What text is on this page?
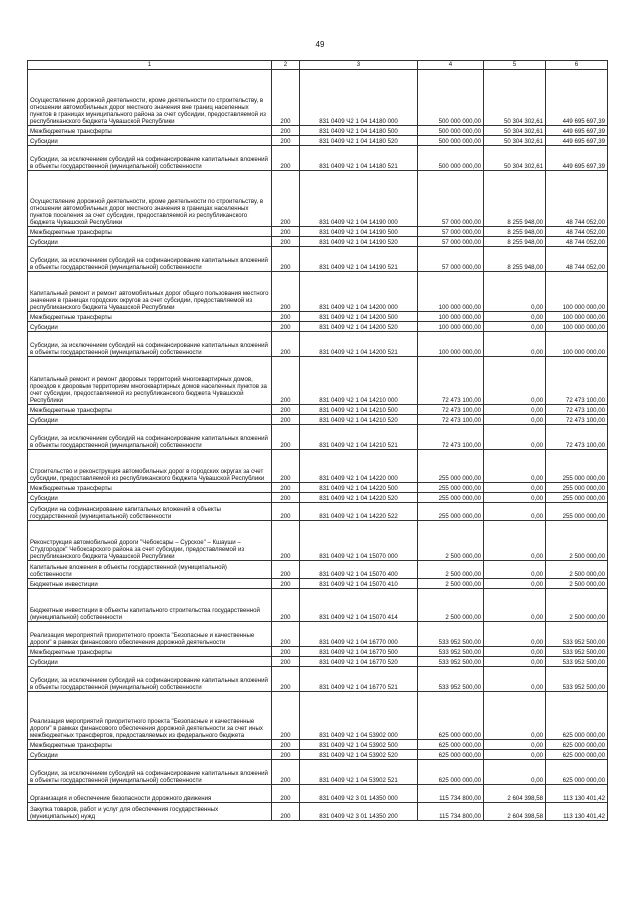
49
1	2	3	4	5	6
Осуществление дорожной деятельности, кроме деятельности по строительству, в отношении автомобильных дорог местного значения вне границ населенных пунктов в границах муниципального района за счет субсидии, предоставляемой из республиканского бюджета Чувашской Республики	200	831 0409 Ч2 1 04 14180 000	500 000 000,00	50 304 302,61	449 695 697,39
Межбюджетные трансферты	200	831 0409 Ч2 1 04 14180 500	500 000 000,00	50 304 302,61	449 695 697,39
Субсидии	200	831 0409 Ч2 1 04 14180 520	500 000 000,00	50 304 302,61	449 695 697,39
Субсидии, за исключением субсидий на софинансирование капитальных вложений в объекты государственной (муниципальной) собственности	200	831 0409 Ч2 1 04 14180 521	500 000 000,00	50 304 302,61	449 695 697,39
Осуществление дорожной деятельности, кроме деятельности по строительству, в отношении автомобильных дорог местного значения в границах населенных пунктов поселения за счет субсидии, предоставляемой из республиканского бюджета Чувашской Республики	200	831 0409 Ч2 1 04 14190 000	57 000 000,00	8 255 948,00	48 744 052,00
Межбюджетные трансферты	200	831 0409 Ч2 1 04 14190 500	57 000 000,00	8 255 948,00	48 744 052,00
Субсидии	200	831 0409 Ч2 1 04 14190 520	57 000 000,00	8 255 948,00	48 744 052,00
Субсидии, за исключением субсидий на софинансирование капитальных вложений в объекты государственной (муниципальной) собственности	200	831 0409 Ч2 1 04 14190 521	57 000 000,00	8 255 948,00	48 744 052,00
Капитальный ремонт и ремонт автомобильных дорог общего пользования местного значения в границах городских округов за счет субсидии, предоставляемой из республиканского бюджета Чувашской Республики	200	831 0409 Ч2 1 04 14200 000	100 000 000,00	0,00	100 000 000,00
Межбюджетные трансферты	200	831 0409 Ч2 1 04 14200 500	100 000 000,00	0,00	100 000 000,00
Субсидии	200	831 0409 Ч2 1 04 14200 520	100 000 000,00	0,00	100 000 000,00
Субсидии, за исключением субсидий на софинансирование капитальных вложений в объекты государственной (муниципальной) собственности	200	831 0409 Ч2 1 04 14200 521	100 000 000,00	0,00	100 000 000,00
Капитальный ремонт и ремонт дворовых территорий многоквартирных домов, проездов к дворовым территориям многоквартирных домов населенных пунктов за счет субсидии, предоставляемой из республиканского бюджета Чувашской Республики	200	831 0409 Ч2 1 04 14210 000	72 473 100,00	0,00	72 473 100,00
Межбюджетные трансферты	200	831 0409 Ч2 1 04 14210 500	72 473 100,00	0,00	72 473 100,00
Субсидии	200	831 0409 Ч2 1 04 14210 520	72 473 100,00	0,00	72 473 100,00
Субсидии, за исключением субсидий на софинансирование капитальных вложений в объекты государственной (муниципальной) собственности	200	831 0409 Ч2 1 04 14210 521	72 473 100,00	0,00	72 473 100,00
Строительство и реконструкция автомобильных дорог в городских округах за счет субсидии, предоставляемой из республиканского бюджета Чувашской Республики	200	831 0409 Ч2 1 04 14220 000	255 000 000,00	0,00	255 000 000,00
Межбюджетные трансферты	200	831 0409 Ч2 1 04 14220 500	255 000 000,00	0,00	255 000 000,00
Субсидии	200	831 0409 Ч2 1 04 14220 520	255 000 000,00	0,00	255 000 000,00
Субсидии на софинансирование капитальных вложений в объекты государственной (муниципальной) собственности	200	831 0409 Ч2 1 04 14220 522	255 000 000,00	0,00	255 000 000,00
Реконструкция автомобильной дороги "Чебоксары – Сурское" – Кшауши – Студгородок" Чебоксарского района за счет субсидии, предоставляемой из республиканского бюджета Чувашской Республики	200	831 0409 Ч2 1 04 15070 000	2 500 000,00	0,00	2 500 000,00
Капитальные вложения в объекты государственной (муниципальной) собственности	200	831 0409 Ч2 1 04 15070 400	2 500 000,00	0,00	2 500 000,00
Бюджетные инвестиции	200	831 0409 Ч2 1 04 15070 410	2 500 000,00	0,00	2 500 000,00
Бюджетные инвестиции в объекты капитального строительства государственной (муниципальной) собственности	200	831 0409 Ч2 1 04 15070 414	2 500 000,00	0,00	2 500 000,00
Реализация мероприятий приоритетного проекта "Безопасные и качественные дороги" в рамках финансового обеспечения дорожной деятельности	200	831 0409 Ч2 1 04 16770 000	533 952 500,00	0,00	533 952 500,00
Межбюджетные трансферты	200	831 0409 Ч2 1 04 16770 500	533 952 500,00	0,00	533 952 500,00
Субсидии	200	831 0409 Ч2 1 04 16770 520	533 952 500,00	0,00	533 952 500,00
Субсидии, за исключением субсидий на софинансирование капитальных вложений в объекты государственной (муниципальной) собственности	200	831 0409 Ч2 1 04 16770 521	533 952 500,00	0,00	533 952 500,00
Реализация мероприятий приоритетного проекта "Безопасные и качественные дороги" в рамках финансового обеспечения дорожной деятельности за счет иных межбюджетных трансфертов, предоставляемых из федерального бюджета	200	831 0409 Ч2 1 04 53902 000	625 000 000,00	0,00	625 000 000,00
Межбюджетные трансферты	200	831 0409 Ч2 1 04 53902 500	625 000 000,00	0,00	625 000 000,00
Субсидии	200	831 0409 Ч2 1 04 53902 520	625 000 000,00	0,00	625 000 000,00
Субсидии, за исключением субсидий на софинансирование капитальных вложений в объекты государственной (муниципальной) собственности	200	831 0409 Ч2 1 04 53902 521	625 000 000,00	0,00	625 000 000,00
Организация и обеспечение безопасности дорожного движения	200	831 0409 Ч2 3 01 14350 000	115 734 800,00	2 604 398,58	113 130 401,42
Закупка товаров, работ и услуг для обеспечения государственных (муниципальных) нужд	200	831 0409 Ч2 3 01 14350 200	115 734 800,00	2 604 398,58	113 130 401,42
